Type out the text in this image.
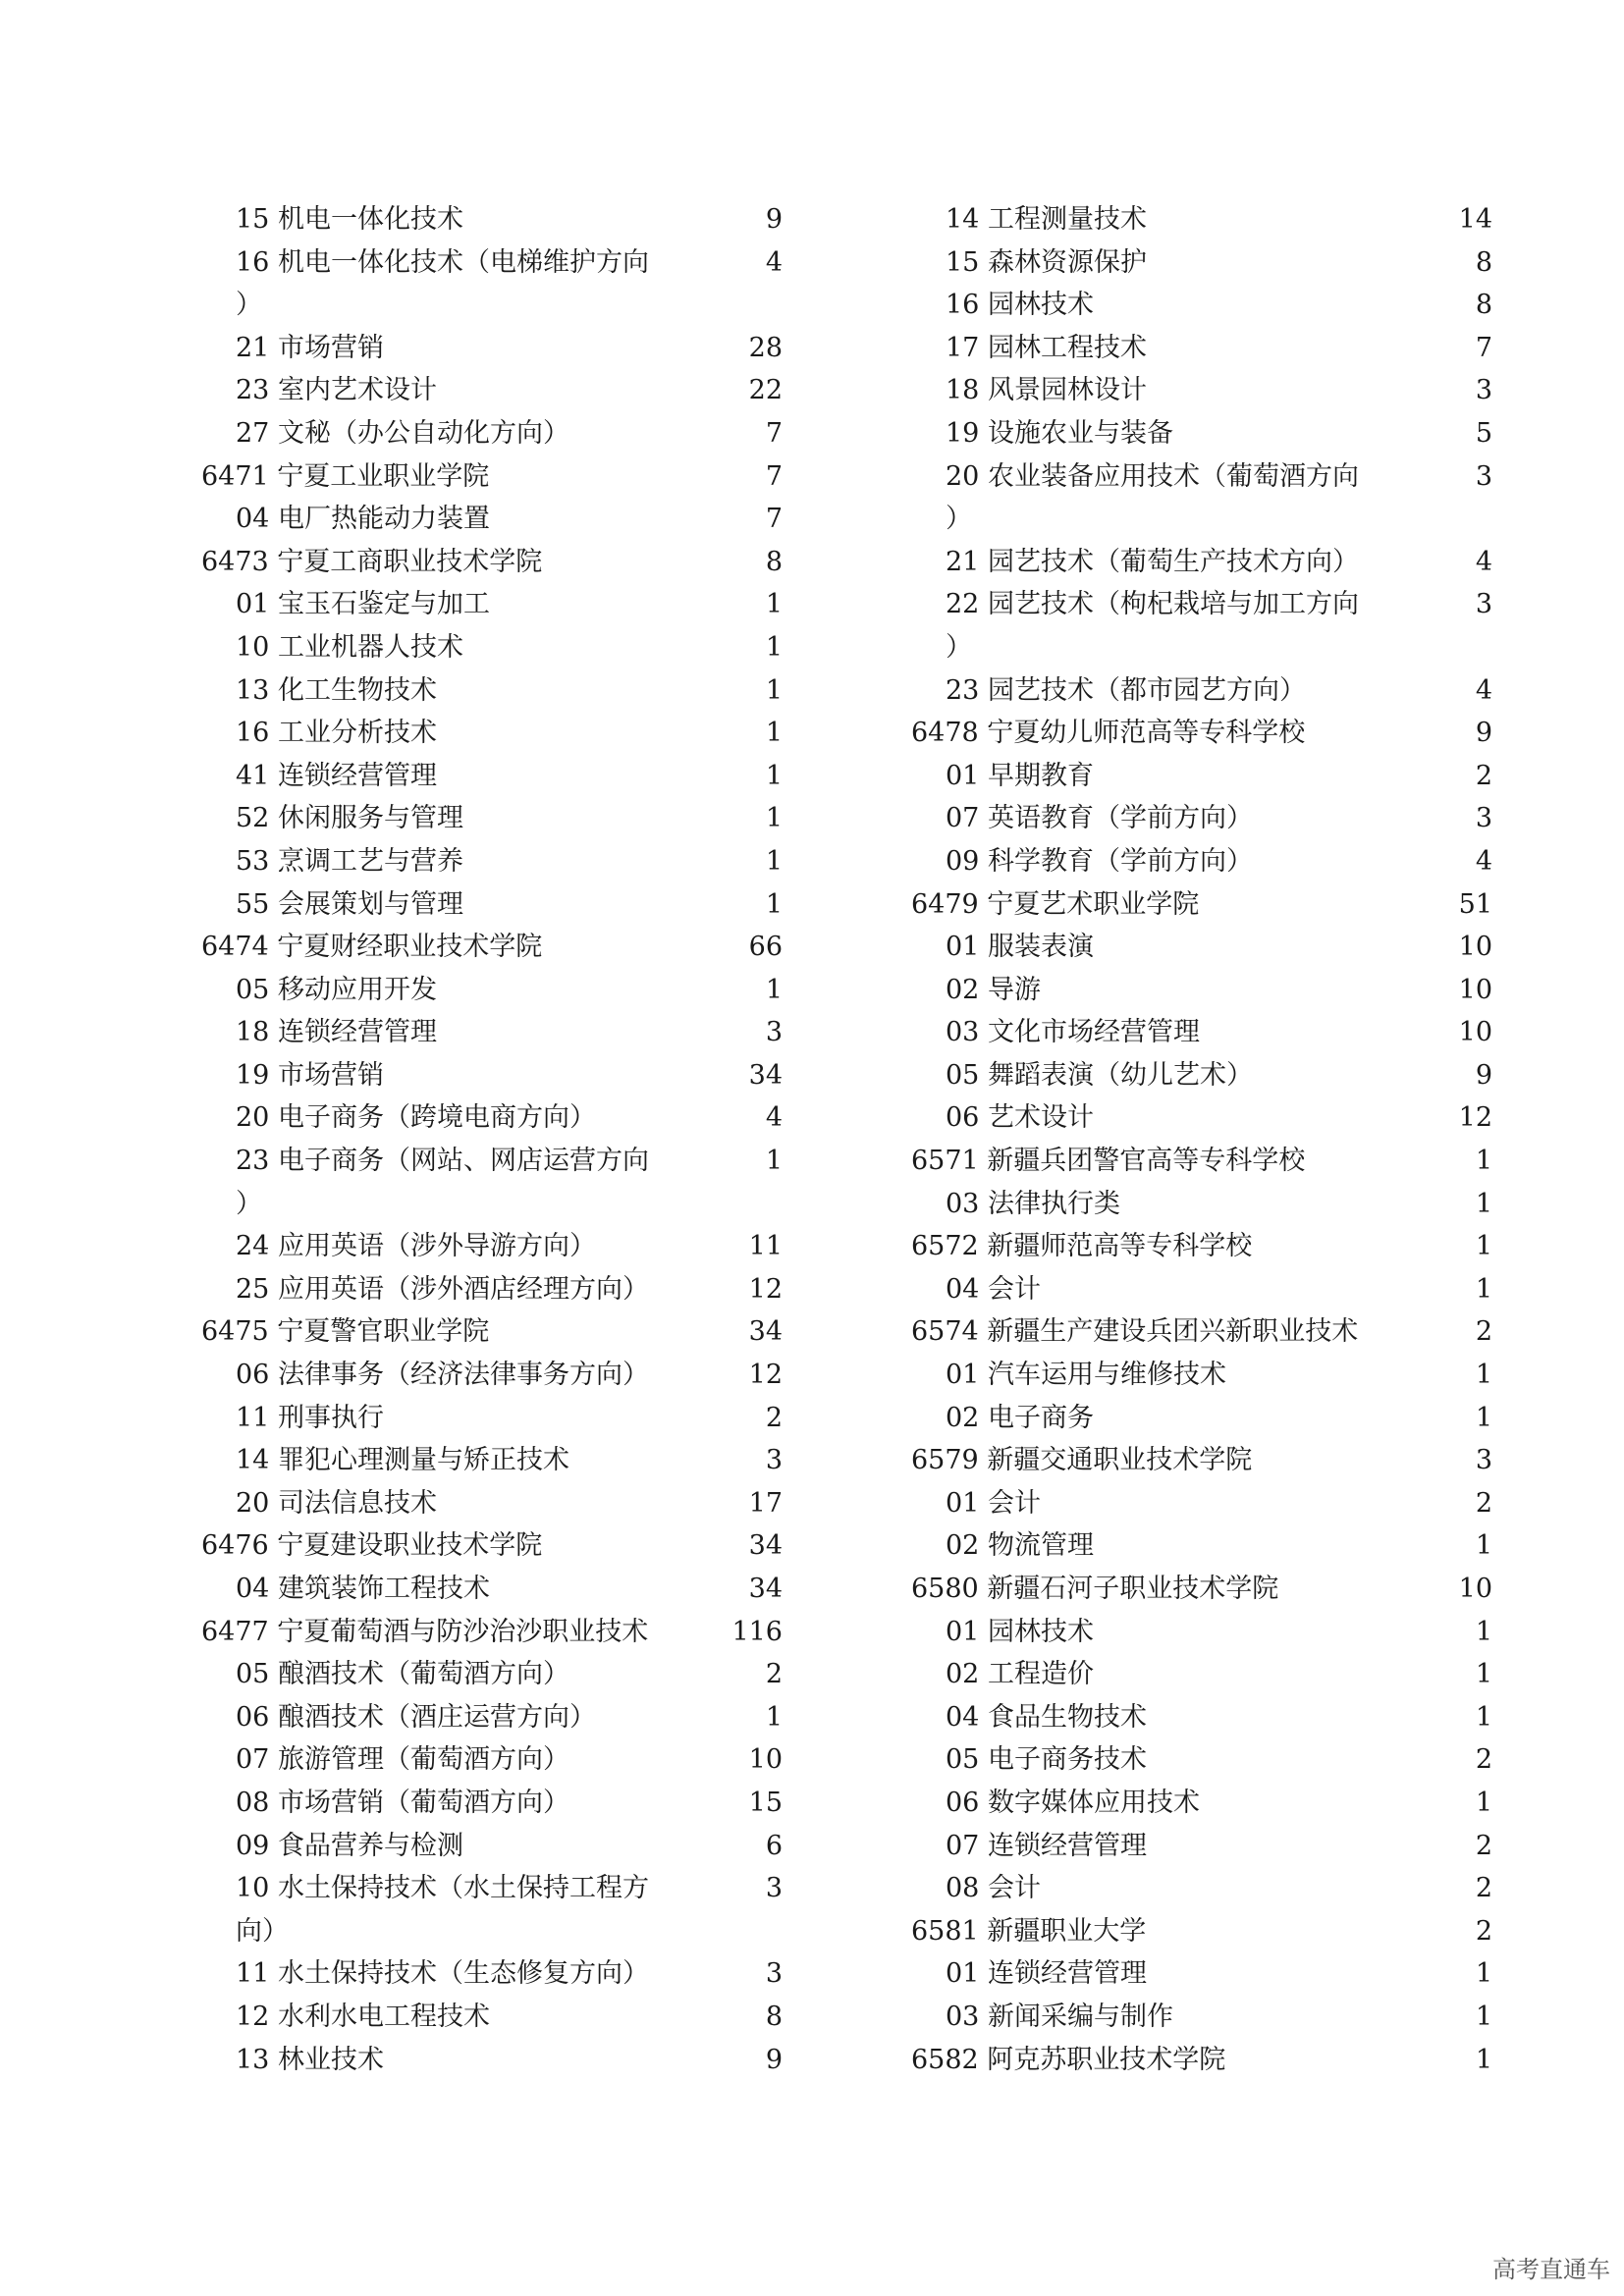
15 机电一体化技术	9
16 机电一体化技术（电梯维护方向	4
）
21 市场营销	28
23 室内艺术设计	22
27 文秘（办公自动化方向）	7
6471 宁夏工业职业学院	7
04 电厂热能动力装置	7
6473 宁夏工商职业技术学院	8
01 宝玉石鉴定与加工	1
10 工业机器人技术	1
13 化工生物技术	1
16 工业分析技术	1
41 连锁经营管理	1
52 休闲服务与管理	1
53 烹调工艺与营养	1
55 会展策划与管理	1
6474 宁夏财经职业技术学院	66
05 移动应用开发	1
18 连锁经营管理	3
19 市场营销	34
20 电子商务（跨境电商方向）	4
23 电子商务（网站、网店运营方向	1
）
24 应用英语（涉外导游方向）	11
25 应用英语（涉外酒店经理方向）	12
6475 宁夏警官职业学院	34
06 法律事务（经济法律事务方向）	12
11 刑事执行	2
14 罪犯心理测量与矫正技术	3
20 司法信息技术	17
6476 宁夏建设职业技术学院	34
04 建筑装饰工程技术	34
6477 宁夏葡萄酒与防沙治沙职业技术	116
05 酿酒技术（葡萄酒方向）	2
06 酿酒技术（酒庄运营方向）	1
07 旅游管理（葡萄酒方向）	10
08 市场营销（葡萄酒方向）	15
09 食品营养与检测	6
10 水土保持技术（水土保持工程方	3
向）
11 水土保持技术（生态修复方向）	3
12 水利水电工程技术	8
13 林业技术	9
14 工程测量技术	14
15 森林资源保护	8
16 园林技术	8
17 园林工程技术	7
18 风景园林设计	3
19 设施农业与装备	5
20 农业装备应用技术（葡萄酒方向	3
）
21 园艺技术（葡萄生产技术方向）	4
22 园艺技术（枸杞栽培与加工方向	3
）
23 园艺技术（都市园艺方向）	4
6478 宁夏幼儿师范高等专科学校	9
01 早期教育	2
07 英语教育（学前方向）	3
09 科学教育（学前方向）	4
6479 宁夏艺术职业学院	51
01 服装表演	10
02 导游	10
03 文化市场经营管理	10
05 舞蹈表演（幼儿艺术）	9
06 艺术设计	12
6571 新疆兵团警官高等专科学校	1
03 法律执行类	1
6572 新疆师范高等专科学校	1
04 会计	1
6574 新疆生产建设兵团兴新职业技术	2
01 汽车运用与维修技术	1
02 电子商务	1
6579 新疆交通职业技术学院	3
01 会计	2
02 物流管理	1
6580 新疆石河子职业技术学院	10
01 园林技术	1
02 工程造价	1
04 食品生物技术	1
05 电子商务技术	2
06 数字媒体应用技术	1
07 连锁经营管理	2
08 会计	2
6581 新疆职业大学	2
01 连锁经营管理	1
03 新闻采编与制作	1
6582 阿克苏职业技术学院	1
高考直通车
